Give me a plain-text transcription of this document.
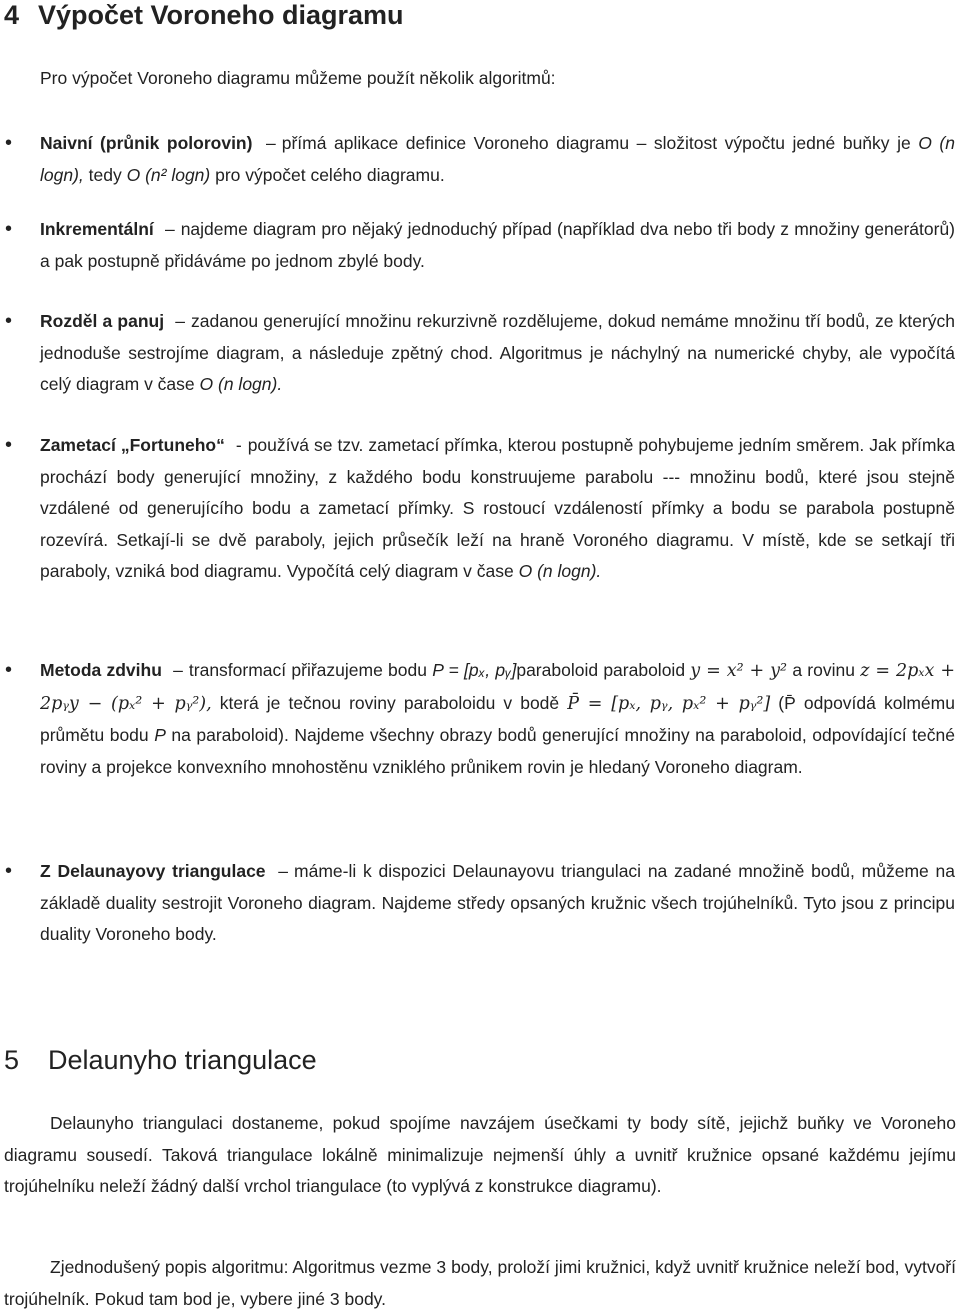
4 Výpočet Voroneho diagramu

Pro výpočet Voroneho diagramu můžeme použít několik algoritmů:

• Naivní (průnik polorovin) – přímá aplikace definice Voroneho diagramu – složitost výpočtu jedné buňky je O (n logn), tedy O (n² logn) pro výpočet celého diagramu.
• Inkrementální – najdeme diagram pro nějaký jednoduchý případ (například dva nebo tři body z množiny generátorů) a pak postupně přidáváme po jednom zbylé body.
• Rozděl a panuj – zadanou generující množinu rekurzivně rozdělujeme, dokud nemáme množinu tří bodů, ze kterých jednoduše sestrojíme diagram, a následuje zpětný chod. Algoritmus je náchylný na numerické chyby, ale vypočítá celý diagram v čase O (n logn).
• Zametací „Fortuneho“ - používá se tzv. zametací přímka, kterou postupně pohybujeme jedním směrem. Jak přímka prochází body generující množiny, z každého bodu konstruujeme parabolu --- množinu bodů, které jsou stejně vzdálené od generujícího bodu a zametací přímky. S rostoucí vzdáleností přímky a bodu se parabola postupně rozevírá. Setkají-li se dvě paraboly, jejich průsečík leží na hraně Voroného diagramu. V místě, kde se setkají tři paraboly, vzniká bod diagramu. Vypočítá celý diagram v čase O (n logn).
• Metoda zdvihu – transformací přiřazujeme bodu P = [pₓ, pᵧ]paraboloid paraboloid y = x² + y² a rovinu z = 2pₓx + 2pᵧy − (pₓ² + pᵧ²), která je tečnou roviny paraboloidu v bodě P̄ = [pₓ, pᵧ, pₓ² + pᵧ²] (P̄ odpovídá kolmému průmětu bodu P na paraboloid). Najdeme všechny obrazy bodů generující množiny na paraboloid, odpovídající tečné roviny a projekce konvexního mnohostěnu vzniklého průnikem rovin je hledaný Voroneho diagram.
• Z Delaunayovy triangulace – máme-li k dispozici Delaunayovu triangulaci na zadané množině bodů, můžeme na základě duality sestrojit Voroneho diagram. Najdeme středy opsaných kružnic všech trojúhelníků. Tyto jsou z principu duality Voroneho body.
5 Delaunyho triangulace

Delaunyho triangulaci dostaneme, pokud spojíme navzájem úsečkami ty body sítě, jejichž buňky ve Voroneho diagramu sousedí. Taková triangulace lokálně minimalizuje nejmenší úhly a uvnitř kružnice opsané každému jejímu trojúhelníku neleží žádný další vrchol triangulace (to vyplývá z konstrukce diagramu).

Zjednodušený popis algoritmu: Algoritmus vezme 3 body, proloží jimi kružnici, když uvnitř kružnice neleží bod, vytvoří trojúhelník. Pokud tam bod je, vybere jiné 3 body.
